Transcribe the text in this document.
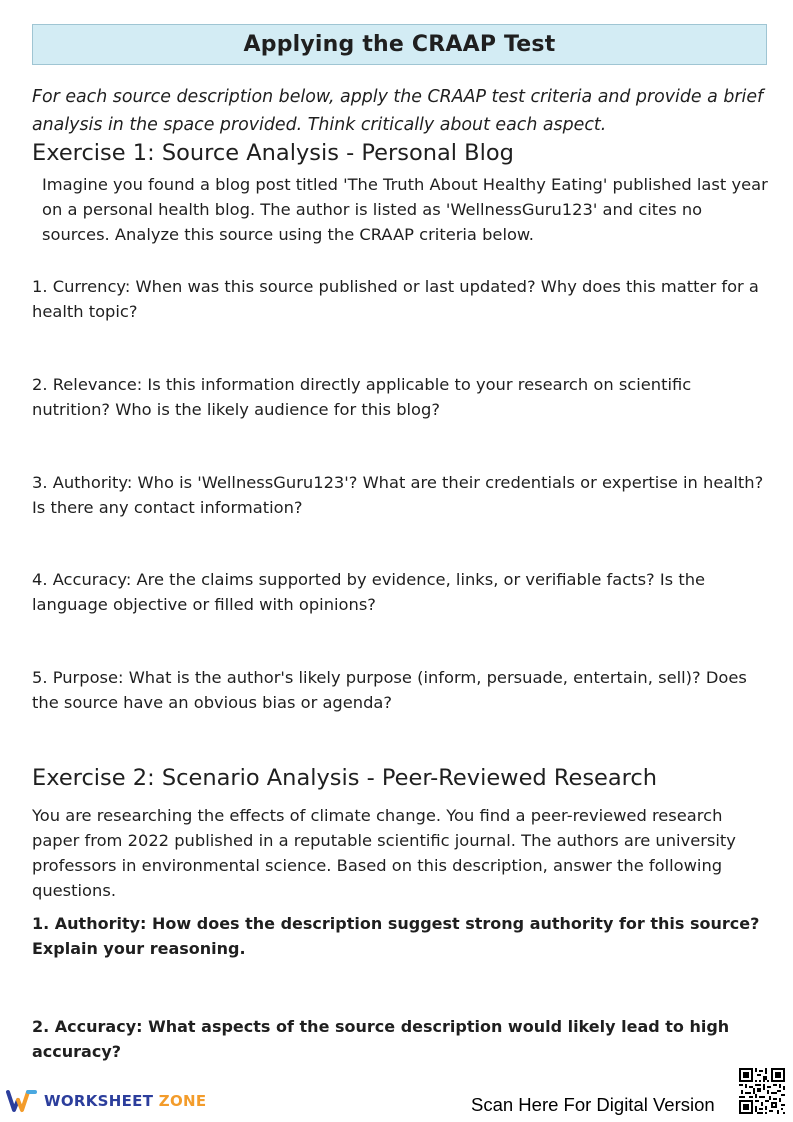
Applying the CRAAP Test

For each source description below, apply the CRAAP test criteria and provide a brief analysis in the space provided. Think critically about each aspect.

Exercise 1: Source Analysis - Personal Blog

Imagine you found a blog post titled 'The Truth About Healthy Eating' published last year on a personal health blog. The author is listed as 'WellnessGuru123' and cites no sources. Analyze this source using the CRAAP criteria below.

1. Currency: When was this source published or last updated? Why does this matter for a health topic?

2. Relevance: Is this information directly applicable to your research on scientific nutrition? Who is the likely audience for this blog?

3. Authority: Who is 'WellnessGuru123'? What are their credentials or expertise in health? Is there any contact information?

4. Accuracy: Are the claims supported by evidence, links, or verifiable facts? Is the language objective or filled with opinions?

5. Purpose: What is the author's likely purpose (inform, persuade, entertain, sell)? Does the source have an obvious bias or agenda?

Exercise 2: Scenario Analysis - Peer-Reviewed Research

You are researching the effects of climate change. You find a peer-reviewed research paper from 2022 published in a reputable scientific journal. The authors are university professors in environmental science. Based on this description, answer the following questions.

1. Authority: How does the description suggest strong authority for this source? Explain your reasoning.

2. Accuracy: What aspects of the source description would likely lead to high accuracy?

WORKSHEET ZONE	Scan Here For Digital Version
